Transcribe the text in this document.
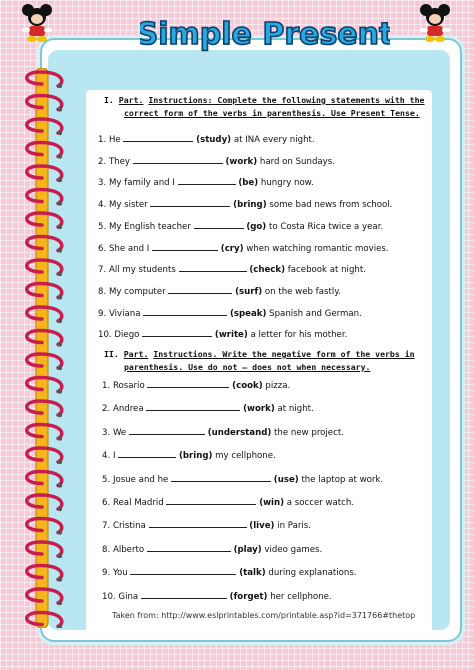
Simple Present
I. Part. Instructions: Complete the following statements with the
correct form of the verbs in parenthesis. Use Present Tense.
1. He	(study) at INA every night.
2. They	(work) hard on Sundays.
3. My family and I	(be) hungry now.
4. My sister	(bring) some bad news from school.
5. My English teacher	(go) to Costa Rica twice a year.
6. She and I	(cry) when watching romantic movies.
7. All my students	(check) facebook at night.
8. My computer	(surf) on the web fastly.
9. Viviana	(speak) Spanish and German.
10. Diego	(write) a letter for his mother.
II. Part. Instructions. Write the negative form of the verbs in
parenthesis. Use do not – does not when necessary.
1. Rosario	(cook) pizza.
2. Andrea	(work) at night.
3. We	(understand) the new project.
4. I	(bring) my cellphone.
5. Josue and he	(use) the laptop at work.
6. Real Madrid	(win) a soccer watch.
7. Cristina	(live) in Paris.
8. Alberto	(play) video games.
9. You	(talk) during explanations.
10. Gina	(forget) her cellphone.
Taken from: http://www.eslprintables.com/printable.asp?id=371766#thetop
